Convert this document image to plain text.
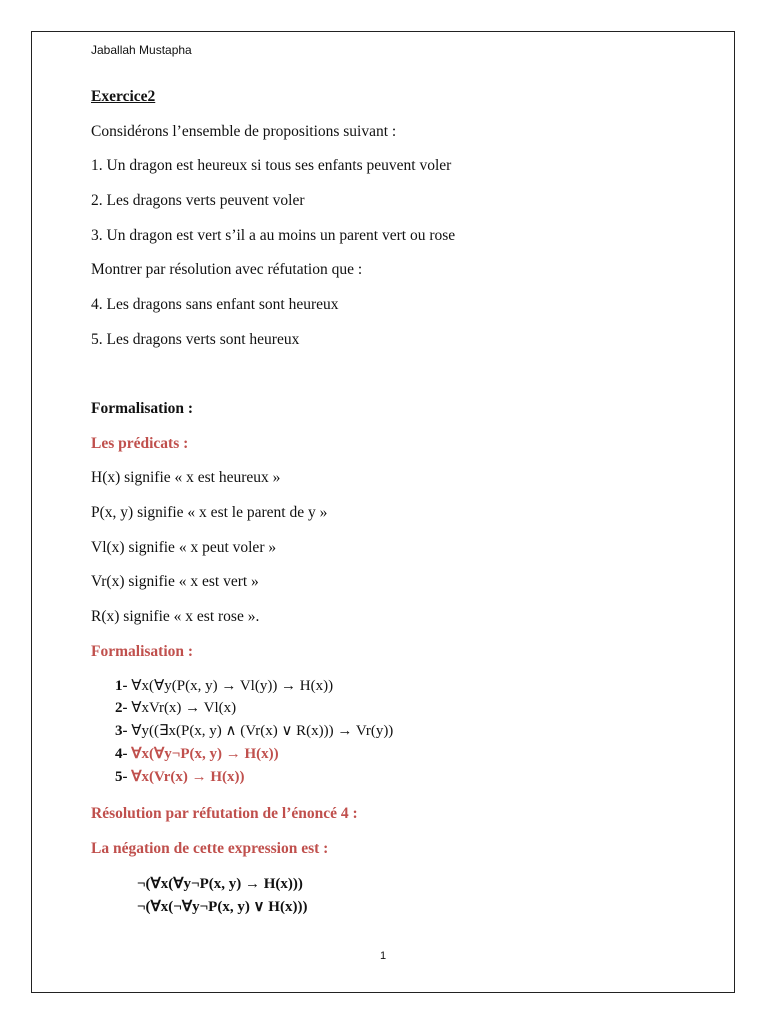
Jaballah Mustapha
Exercice2
Considérons l’ensemble de propositions suivant :
1. Un dragon est heureux si tous ses enfants peuvent voler
2. Les dragons verts peuvent voler
3. Un dragon est vert s’il a au moins un parent vert ou rose
Montrer par résolution avec réfutation que :
4. Les dragons sans enfant sont heureux
5. Les dragons verts sont heureux
Formalisation :
Les prédicats :
H(x) signifie « x est heureux »
P(x, y) signifie « x est le parent de y »
Vl(x) signifie « x peut voler »
Vr(x) signifie « x est vert »
R(x) signifie « x est rose ».
Formalisation :
1- ∀x(∀y(P(x, y) → Vl(y)) → H(x))
2- ∀xVr(x) → Vl(x)
3- ∀y((∃x(P(x, y) ∧ (Vr(x) ∨ R(x))) → Vr(y))
4- ∀x(∀y¬P(x, y) → H(x))
5- ∀x(Vr(x) → H(x))
Résolution par réfutation de l’énoncé 4 :
La négation de cette expression est :
¬(∀x(∀y¬P(x, y) → H(x)))
¬(∀x(¬∀y¬P(x, y) ∨ H(x)))
1
